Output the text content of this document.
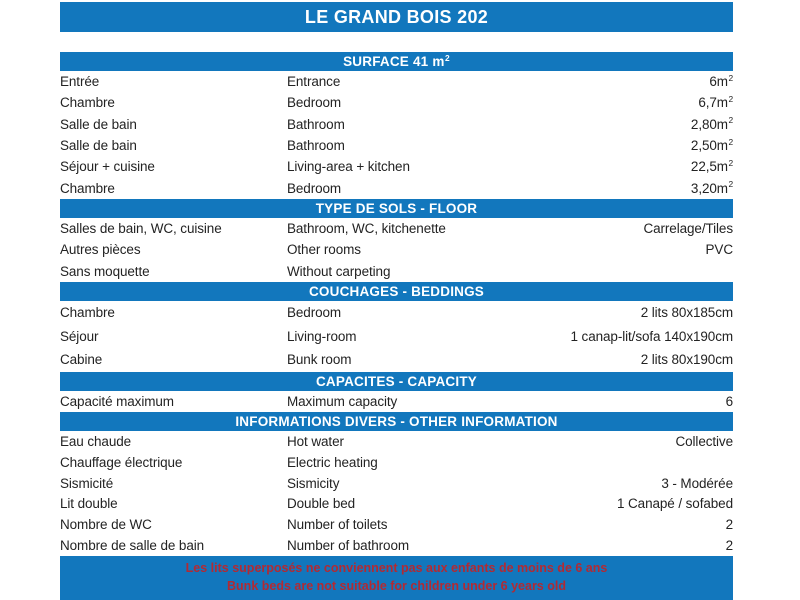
LE GRAND BOIS 202
SURFACE 41 $m^2$
Entrée	Entrance	$6m^2$
Chambre	Bedroom	$6,7m^2$
Salle de bain	Bathroom	$2,80m^2$
Salle de bain	Bathroom	$2,50m^2$
Séjour + cuisine	Living-area + kitchen	$22,5m^2$
Chambre	Bedroom	$3,20m^2$
TYPE DE SOLS - FLOOR
Salles de bain, WC, cuisine	Bathroom, WC, kitchenette	Carrelage/Tiles
Autres pièces	Other rooms	PVC
Sans moquette	Without carpeting
COUCHAGES - BEDDINGS
Chambre	Bedroom	2 lits 80x185cm
Séjour	Living-room	1 canap-lit/sofa 140x190cm
Cabine	Bunk room	2 lits 80x190cm
CAPACITES - CAPACITY
Capacité maximum	Maximum capacity	6
INFORMATIONS DIVERS - OTHER INFORMATION
Eau chaude	Hot water	Collective
Chauffage électrique	Electric heating
Sismicité	Sismicity	3 - Modérée
Lit double	Double bed	1 Canapé / sofabed
Nombre de WC	Number of toilets	2
Nombre de salle de bain	Number of bathroom	2
Les lits superposés ne conviennent pas aux enfants de moins de 6 ans
Bunk beds are not suitable for children under 6 years old
